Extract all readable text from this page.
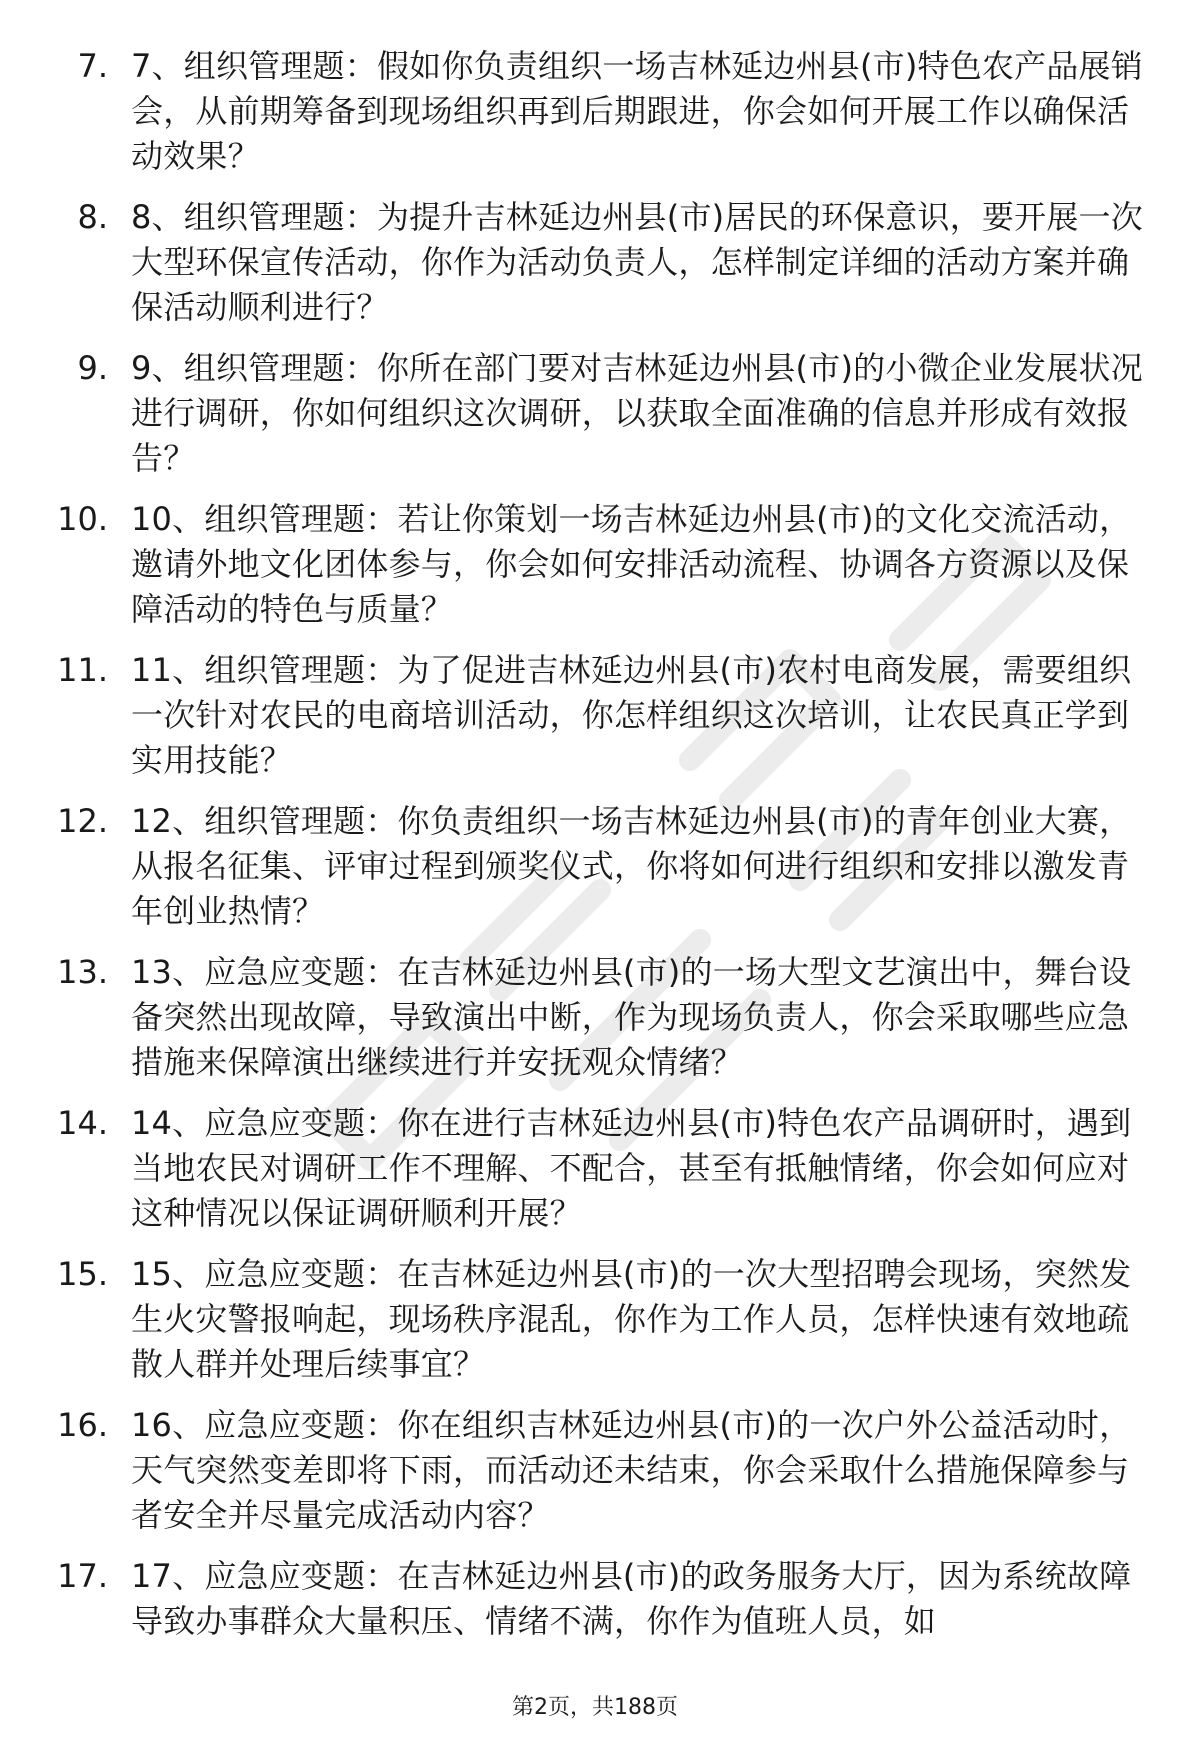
7. 7、组织管理题：假如你负责组织一场吉林延边州县(市)特色农产品展销会，从前期筹备到现场组织再到后期跟进，你会如何开展工作以确保活动效果？

8. 8、组织管理题：为提升吉林延边州县(市)居民的环保意识，要开展一次大型环保宣传活动，你作为活动负责人，怎样制定详细的活动方案并确保活动顺利进行？

9. 9、组织管理题：你所在部门要对吉林延边州县(市)的小微企业发展状况进行调研，你如何组织这次调研，以获取全面准确的信息并形成有效报告？

10. 10、组织管理题：若让你策划一场吉林延边州县(市)的文化交流活动，邀请外地文化团体参与，你会如何安排活动流程、协调各方资源以及保障活动的特色与质量？

11. 11、组织管理题：为了促进吉林延边州县(市)农村电商发展，需要组织一次针对农民的电商培训活动，你怎样组织这次培训，让农民真正学到实用技能？

12. 12、组织管理题：你负责组织一场吉林延边州县(市)的青年创业大赛，从报名征集、评审过程到颁奖仪式，你将如何进行组织和安排以激发青年创业热情？

13. 13、应急应变题：在吉林延边州县(市)的一场大型文艺演出中，舞台设备突然出现故障，导致演出中断，作为现场负责人，你会采取哪些应急措施来保障演出继续进行并安抚观众情绪？

14. 14、应急应变题：你在进行吉林延边州县(市)特色农产品调研时，遇到当地农民对调研工作不理解、不配合，甚至有抵触情绪，你会如何应对这种情况以保证调研顺利开展？

15. 15、应急应变题：在吉林延边州县(市)的一次大型招聘会现场，突然发生火灾警报响起，现场秩序混乱，你作为工作人员，怎样快速有效地疏散人群并处理后续事宜？

16. 16、应急应变题：你在组织吉林延边州县(市)的一次户外公益活动时，天气突然变差即将下雨，而活动还未结束，你会采取什么措施保障参与者安全并尽量完成活动内容？

17. 17、应急应变题：在吉林延边州县(市)的政务服务大厅，因为系统故障导致办事群众大量积压、情绪不满，你作为值班人员，如

第2页，共188页
